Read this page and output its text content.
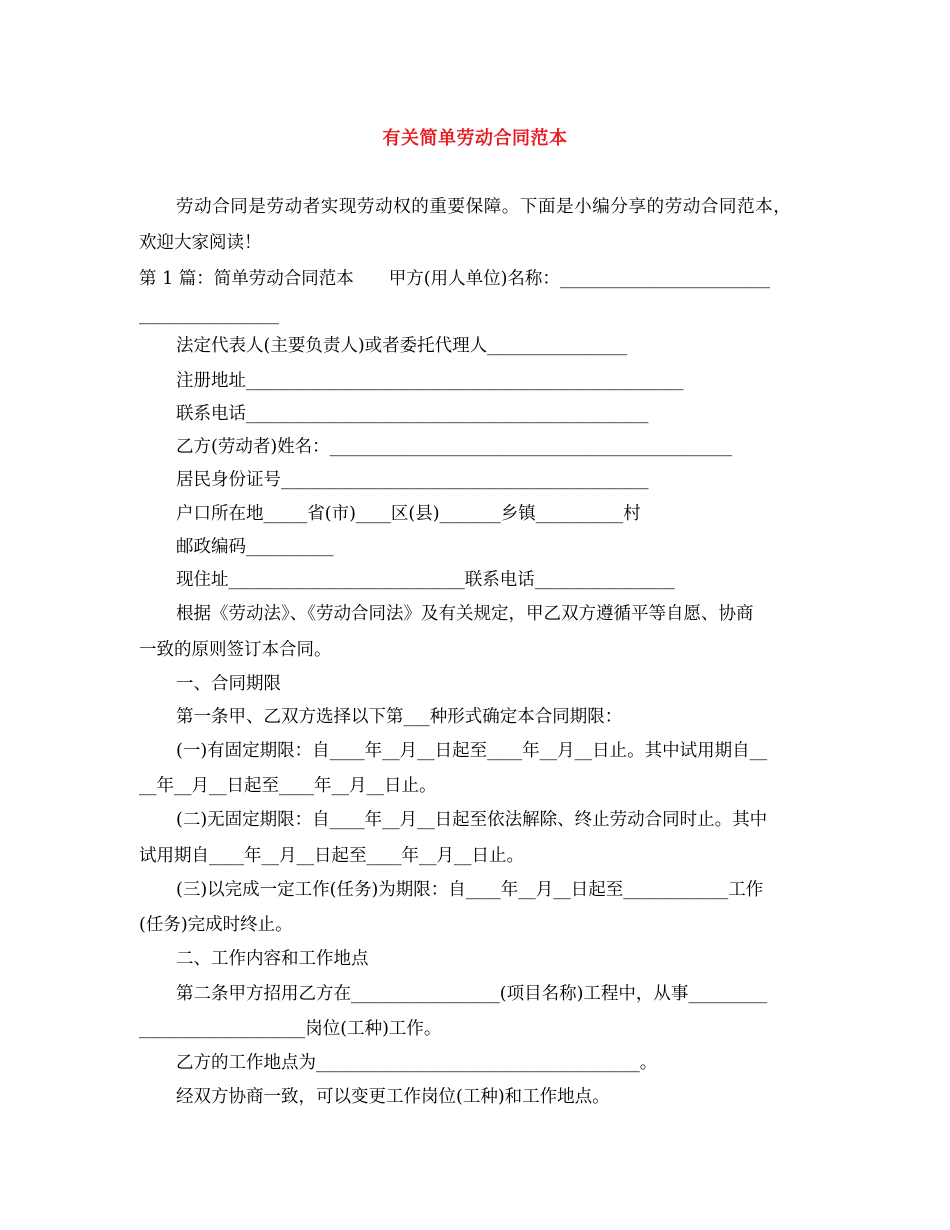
有关简单劳动合同范本
劳动合同是劳动者实现劳动权的重要保障。下面是小编分享的劳动合同范本，
欢迎大家阅读！
第 1 篇：简单劳动合同范本　　甲方(用人单位)名称：________________________
________________
法定代表人(主要负责人)或者委托代理人________________
注册地址__________________________________________________
联系电话______________________________________________
乙方(劳动者)姓名：______________________________________________
居民身份证号__________________________________________
户口所在地_____省(市)____区(县)_______乡镇__________村
邮政编码__________
现住址___________________________联系电话________________
根据《劳动法》、《劳动合同法》及有关规定，甲乙双方遵循平等自愿、协商
一致的原则签订本合同。
一、合同期限
第一条甲、乙双方选择以下第___种形式确定本合同期限：
(一)有固定期限：自____年__月__日起至____年__月__日止。其中试用期自__
__年__月__日起至____年__月__日止。
(二)无固定期限：自____年__月__日起至依法解除、终止劳动合同时止。其中
试用期自____年__月__日起至____年__月__日止。
(三)以完成一定工作(任务)为期限：自____年__月__日起至____________工作
(任务)完成时终止。
二、工作内容和工作地点
第二条甲方招用乙方在_________________(项目名称)工程中，从事_________
___________________岗位(工种)工作。
乙方的工作地点为_____________________________________。
经双方协商一致，可以变更工作岗位(工种)和工作地点。
